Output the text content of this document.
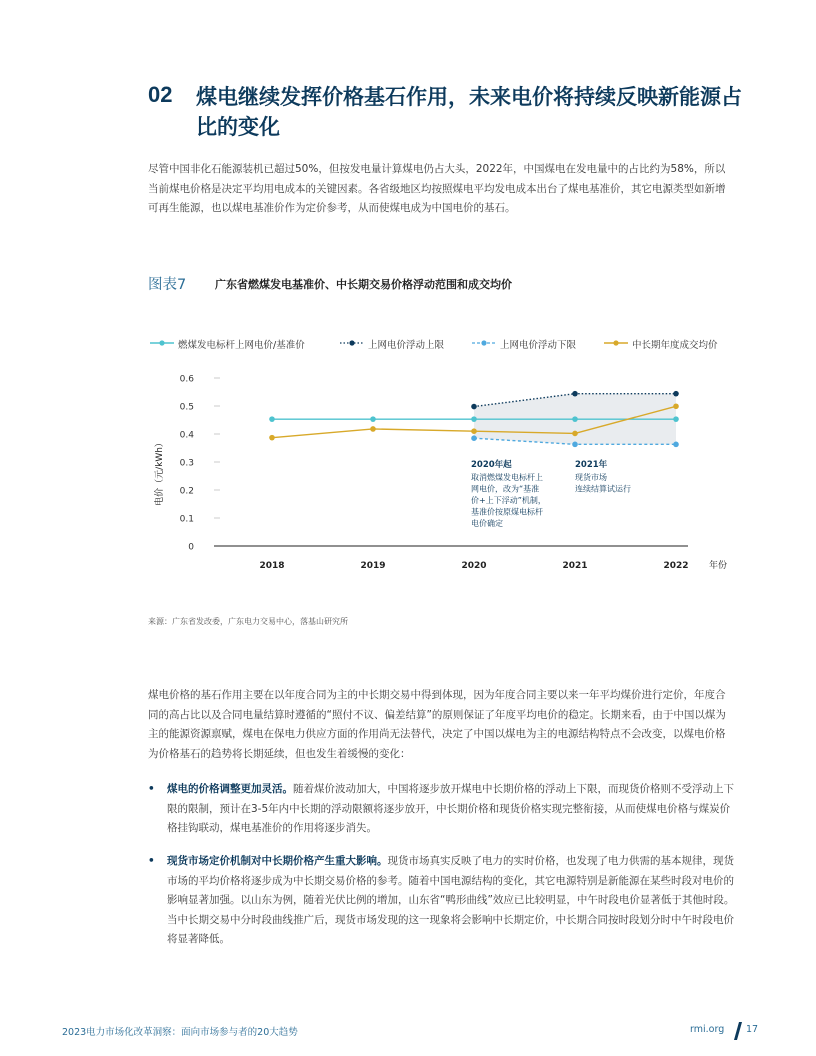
02 煤电继续发挥价格基石作用，未来电价将持续反映新能源占比的变化

尽管中国非化石能源装机已超过50%，但按发电量计算煤电仍占大头，2022年，中国煤电在发电量中的占比约为58%，所以当前煤电价格是决定平均用电成本的关键因素。各省级地区均按照煤电平均发电成本出台了煤电基准价，其它电源类型如新增可再生能源，也以煤电基准价作为定价参考，从而使煤电成为中国电价的基石。

图表7	广东省燃煤发电基准价、中长期交易价格浮动范围和成交均价
燃煤发电标杆上网电价/基准价	上网电价浮动上限	上网电价浮动下限	中长期年度成交均价
0
0.1
0.2
0.3
0.4
0.5
0.6
2018	2019	2020	2021	2022 年份
电价（元/kWh）	2020年起
取消燃煤发电标杆上
网电价，改为“基准
价+上下浮动”机制，
基准价按原煤电标杆
电价确定
2021年
现货市场
连续结算试运行
来源：广东省发改委，广东电力交易中心，落基山研究所

煤电价格的基石作用主要在以年度合同为主的中长期交易中得到体现，因为年度合同主要以来一年平均煤价进行定价，年度合同的高占比以及合同电量结算时遵循的“照付不议、偏差结算”的原则保证了年度平均电价的稳定。长期来看，由于中国以煤为主的能源资源禀赋，煤电在保电力供应方面的作用尚无法替代，决定了中国以煤电为主的电源结构特点不会改变，以煤电价格为价格基石的趋势将长期延续，但也发生着缓慢的变化：

• 煤电的价格调整更加灵活。随着煤价波动加大，中国将逐步放开煤电中长期价格的浮动上下限，而现货价格则不受浮动上下限的限制，预计在3-5年内中长期的浮动限额将逐步放开，中长期价格和现货价格实现完整衔接，从而使煤电价格与煤炭价格挂钩联动，煤电基准价的作用将逐步消失。
• 现货市场定价机制对中长期价格产生重大影响。现货市场真实反映了电力的实时价格，也发现了电力供需的基本规律，现货市场的平均价格将逐步成为中长期交易价格的参考。随着中国电源结构的变化，其它电源特别是新能源在某些时段对电价的影响显著加强。以山东为例，随着光伏比例的增加，山东省“鸭形曲线”效应已比较明显，中午时段电价显著低于其他时段。当中长期交易中分时段曲线推广后，现货市场发现的这一现象将会影响中长期定价，中长期合同按时段划分时中午时段电价将显著降低。
2023电力市场化改革洞察：面向市场参与者的20大趋势	rmi.org 17
